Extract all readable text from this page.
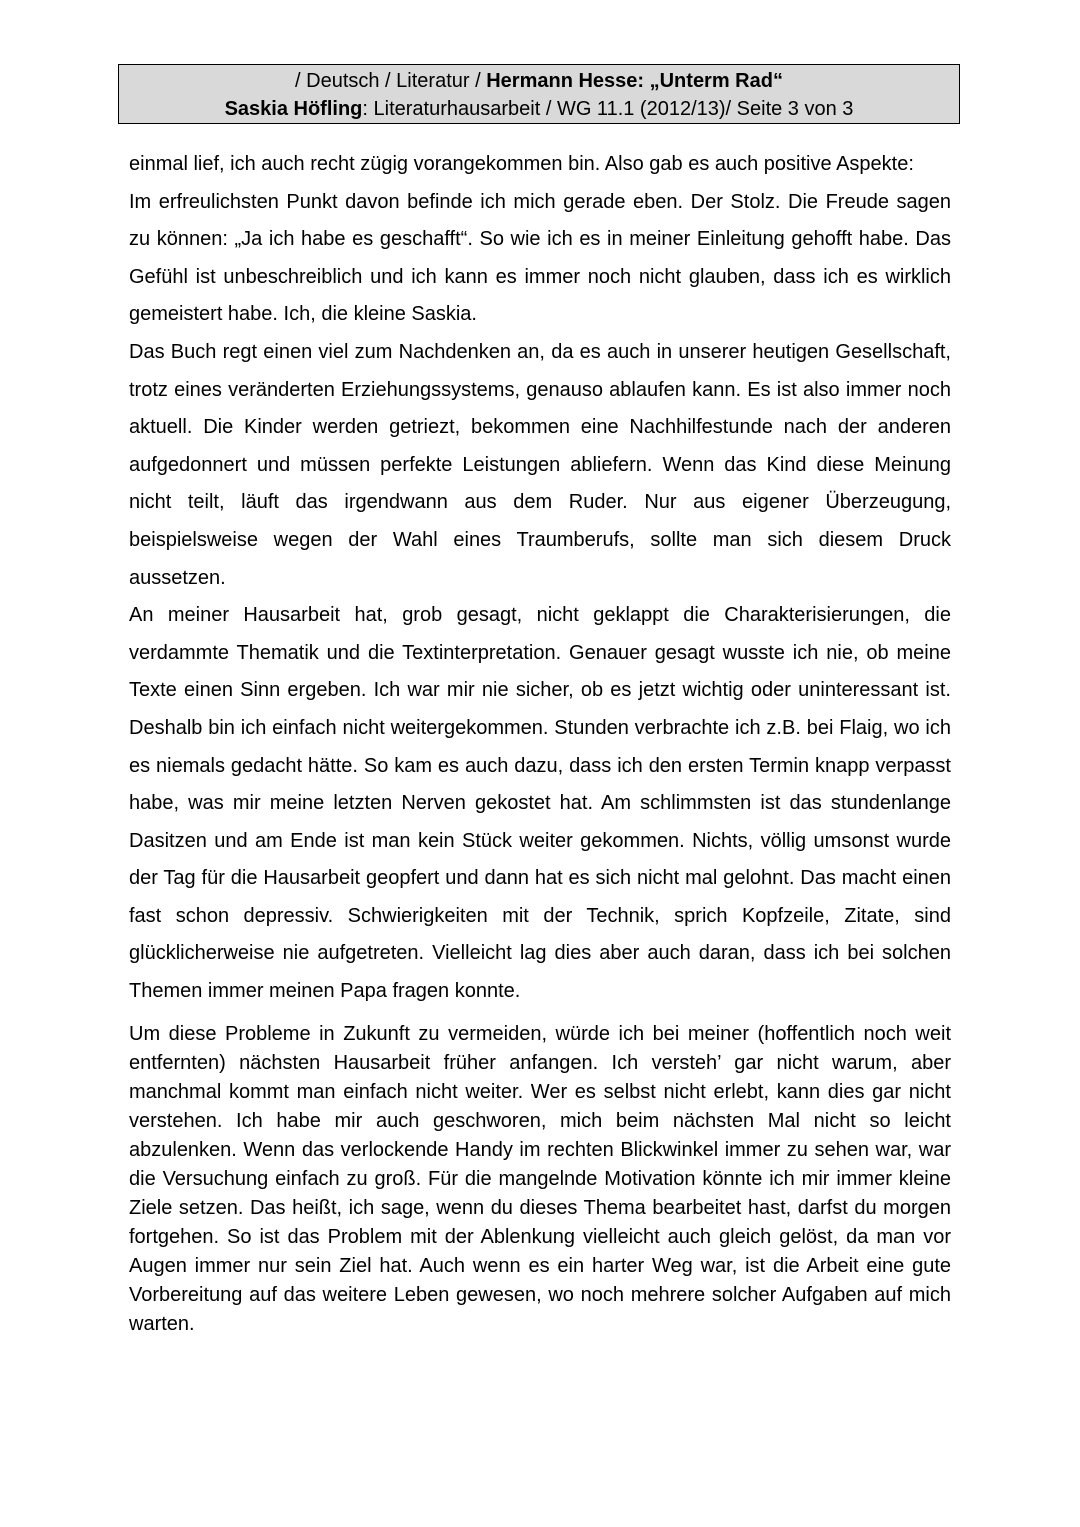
/ Deutsch / Literatur / Hermann Hesse: „Unterm Rad“
Saskia Höfling: Literaturhausarbeit / WG 11.1 (2012/13)/ Seite 3 von 3

einmal lief, ich auch recht zügig vorangekommen bin. Also gab es auch positive Aspekte:

Im erfreulichsten Punkt davon befinde ich mich gerade eben. Der Stolz. Die Freude sagen zu können: „Ja ich habe es geschafft“. So wie ich es in meiner Einleitung gehofft habe. Das Gefühl ist unbeschreiblich und ich kann es immer noch nicht glauben, dass ich es wirklich gemeistert habe. Ich, die kleine Saskia.

Das Buch regt einen viel zum Nachdenken an, da es auch in unserer heutigen Gesellschaft, trotz eines veränderten Erziehungssystems, genauso ablaufen kann. Es ist also immer noch aktuell. Die Kinder werden getriezt, bekommen eine Nachhilfestunde nach der anderen aufgedonnert und müssen perfekte Leistungen abliefern. Wenn das Kind diese Meinung nicht teilt, läuft das irgendwann aus dem Ruder. Nur aus eigener Überzeugung, beispielsweise wegen der Wahl eines Traumberufs, sollte man sich diesem Druck aussetzen.

An meiner Hausarbeit hat, grob gesagt, nicht geklappt die Charakterisierungen, die verdammte Thematik und die Textinterpretation. Genauer gesagt wusste ich nie, ob meine Texte einen Sinn ergeben. Ich war mir nie sicher, ob es jetzt wichtig oder uninteressant ist. Deshalb bin ich einfach nicht weitergekommen. Stunden verbrachte ich z.B. bei Flaig, wo ich es niemals gedacht hätte. So kam es auch dazu, dass ich den ersten Termin knapp verpasst habe, was mir meine letzten Nerven gekostet hat. Am schlimmsten ist das stundenlange Dasitzen und am Ende ist man kein Stück weiter gekommen. Nichts, völlig umsonst wurde der Tag für die Hausarbeit geopfert und dann hat es sich nicht mal gelohnt. Das macht einen fast schon depressiv. Schwierigkeiten mit der Technik, sprich Kopfzeile, Zitate, sind glücklicherweise nie aufgetreten. Vielleicht lag dies aber auch daran, dass ich bei solchen Themen immer meinen Papa fragen konnte.

Um diese Probleme in Zukunft zu vermeiden, würde ich bei meiner (hoffentlich noch weit entfernten) nächsten Hausarbeit früher anfangen. Ich versteh’ gar nicht warum, aber manchmal kommt man einfach nicht weiter. Wer es selbst nicht erlebt, kann dies gar nicht verstehen. Ich habe mir auch geschworen, mich beim nächsten Mal nicht so leicht abzulenken. Wenn das verlockende Handy im rechten Blickwinkel immer zu sehen war, war die Versuchung einfach zu groß. Für die mangelnde Motivation könnte ich mir immer kleine Ziele setzen. Das heißt, ich sage, wenn du dieses Thema bearbeitet hast, darfst du morgen fortgehen. So ist das Problem mit der Ablenkung vielleicht auch gleich gelöst, da man vor Augen immer nur sein Ziel hat. Auch wenn es ein harter Weg war, ist die Arbeit eine gute Vorbereitung auf das weitere Leben gewesen, wo noch mehrere solcher Aufgaben auf mich warten.
